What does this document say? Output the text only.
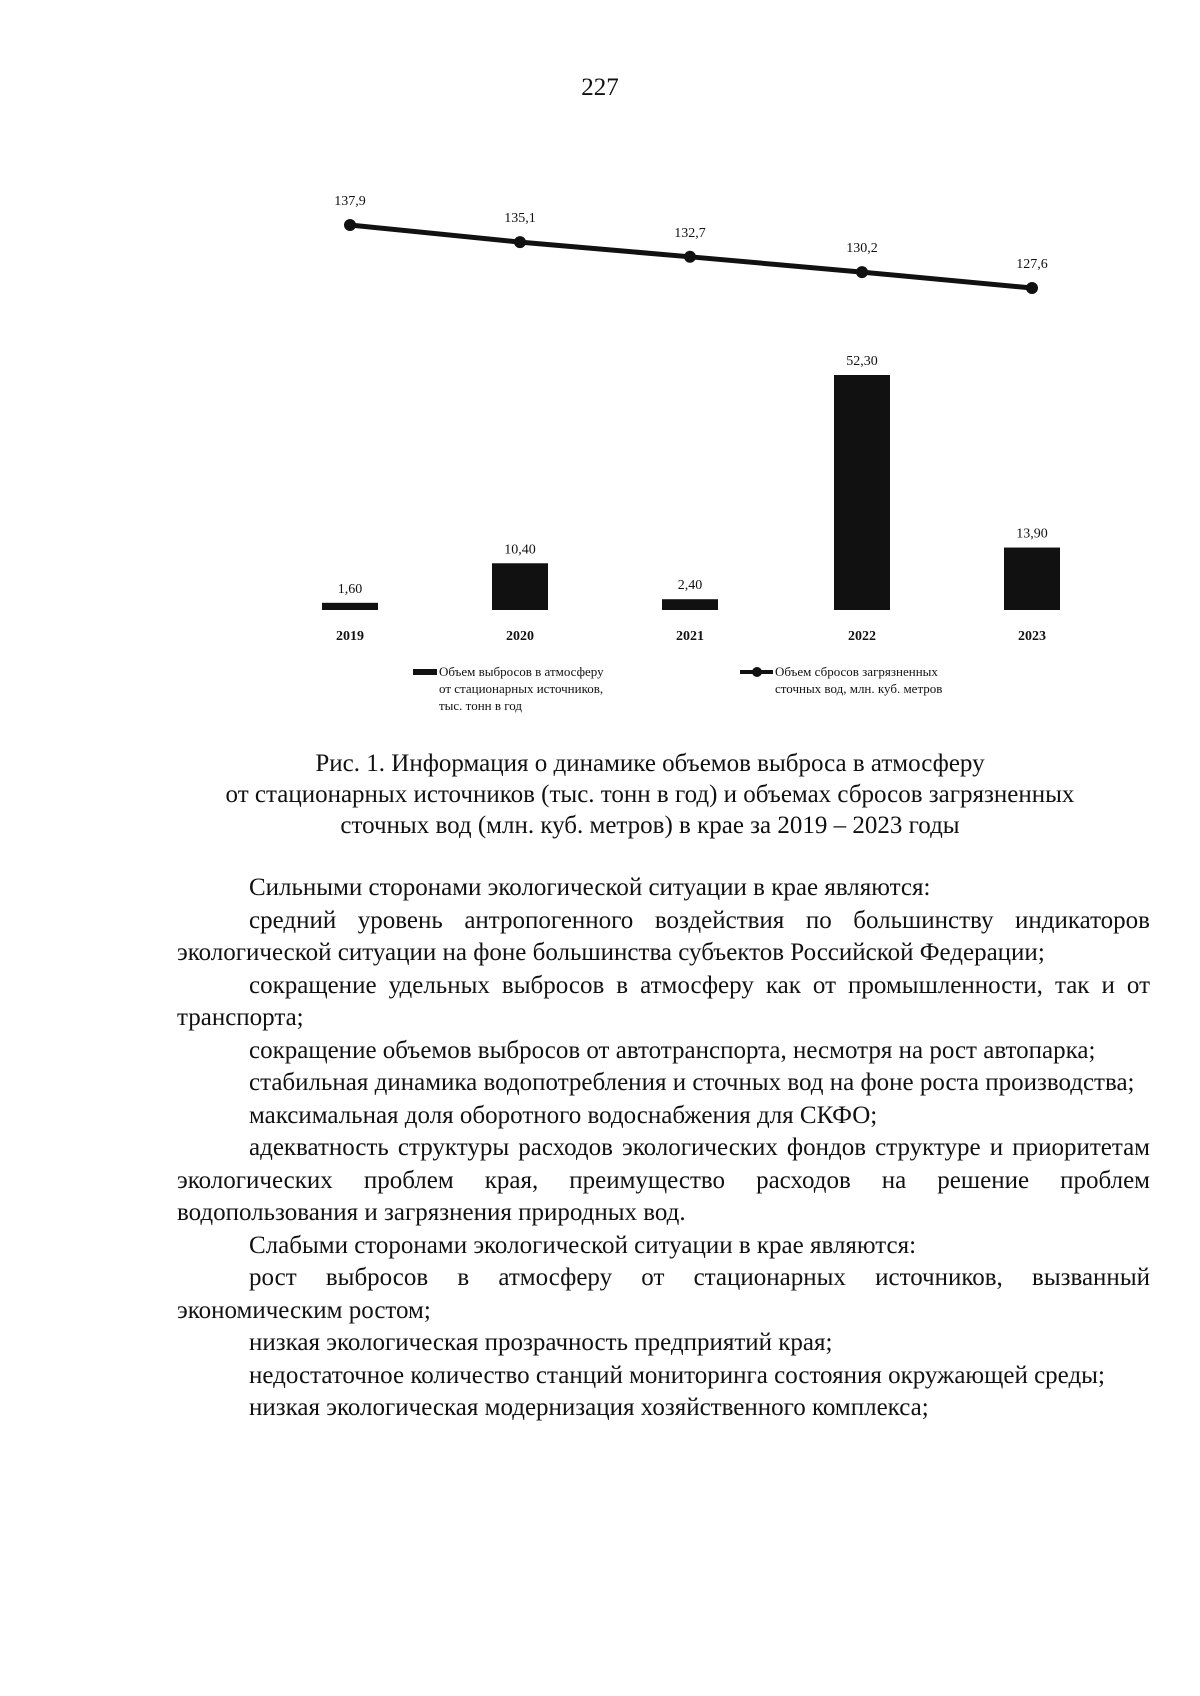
227
137,9
135,1
132,7
130,2
127,6
1,60
10,40
2,40
52,30
13,90
2019	2020	2021	2022	2023
Объем выбросов в атмосферу
от стационарных источников,
тыс. тонн в год
Объем сбросов загрязненных
сточных вод, млн. куб. метров
Рис. 1. Информация о динамике объемов выброса в атмосферу
от стационарных источников (тыс. тонн в год) и объемах сбросов загрязненных
сточных вод (млн. куб. метров) в крае за 2019 – 2023 годы

Сильными сторонами экологической ситуации в крае являются:

средний уровень антропогенного воздействия по большинству индикаторов экологической ситуации на фоне большинства субъектов Российской Федерации;

сокращение удельных выбросов в атмосферу как от промышленности, так и от транспорта;

сокращение объемов выбросов от автотранспорта, несмотря на рост автопарка;

стабильная динамика водопотребления и сточных вод на фоне роста производства;

максимальная доля оборотного водоснабжения для СКФО;

адекватность структуры расходов экологических фондов структуре и приоритетам экологических проблем края, преимущество расходов на решение проблем водопользования и загрязнения природных вод.

Слабыми сторонами экологической ситуации в крае являются:

рост выбросов в атмосферу от стационарных источников, вызванный экономическим ростом;

низкая экологическая прозрачность предприятий края;

недостаточное количество станций мониторинга состояния окружающей среды;

низкая экологическая модернизация хозяйственного комплекса;
